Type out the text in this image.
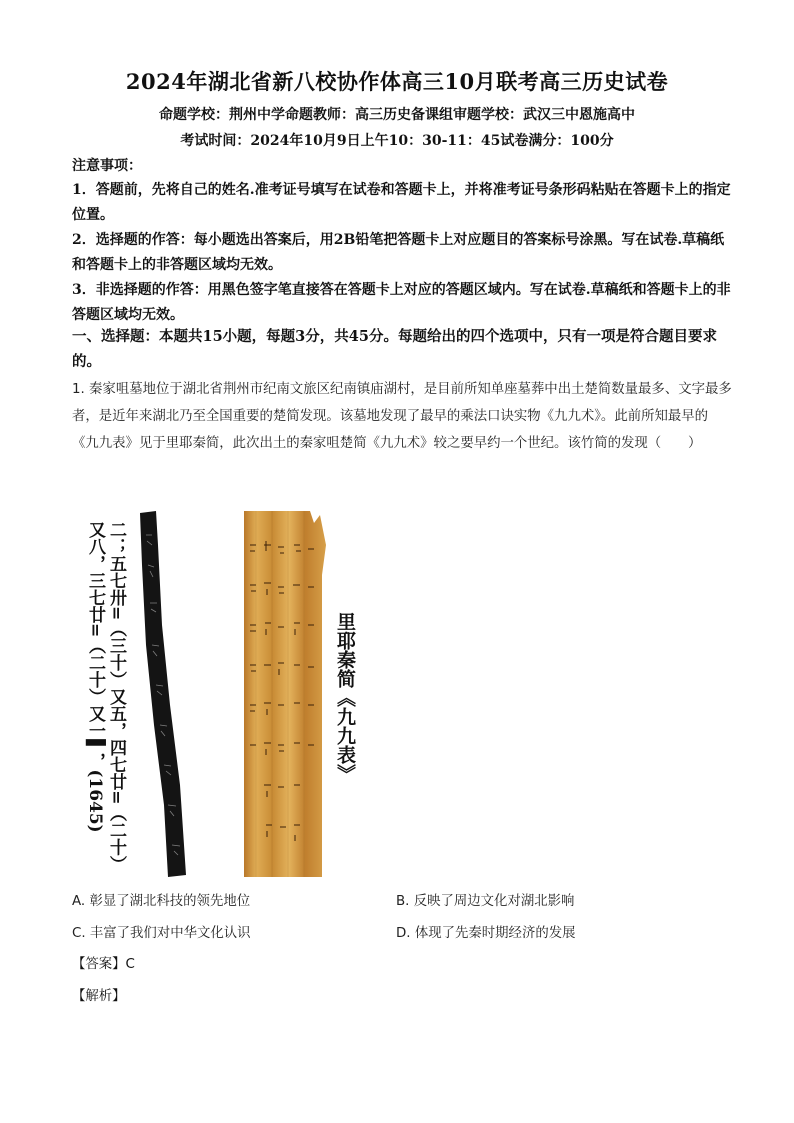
2024年湖北省新八校协作体高三10月联考高三历史试卷
命题学校：荆州中学命题教师：高三历史备课组审题学校：武汉三中恩施高中
考试时间：2024年10月9日上午10：30-11：45试卷满分：100分
注意事项：

1．答题前，先将自己的姓名.准考证号填写在试卷和答题卡上，并将准考证号条形码粘贴在答题卡上的指定位置。

2．选择题的作答：每小题选出答案后，用2B铅笔把答题卡上对应题目的答案标号涂黑。写在试卷.草稿纸和答题卡上的非答题区域均无效。

3．非选择题的作答：用黑色签字笔直接答在答题卡上对应的答题区域内。写在试卷.草稿纸和答题卡上的非答题区域均无效。

一、选择题：本题共15小题，每题3分，共45分。每题给出的四个选项中，只有一项是符合题目要求的。

1. 秦家咀墓地位于湖北省荆州市纪南文旅区纪南镇庙湖村，是目前所知单座墓葬中出土楚简数量最多、文字最多者，是近年来湖北乃至全国重要的楚简发现。该墓地发现了最早的乘法口诀实物《九九术》。此前所知最早的《九九表》见于里耶秦简，此次出土的秦家咀楚简《九九术》较之要早约一个世纪。该竹简的发现（　　）

二；五七卅=（三十）又五，四七廿=（二十）又八，三七廿=（二十）又一▌，(1645)	里耶秦简《九九表》
A. 彰显了湖北科技的领先地位	B. 反映了周边文化对湖北影响
C. 丰富了我们对中华文化认识	D. 体现了先秦时期经济的发展
【答案】C
【解析】
